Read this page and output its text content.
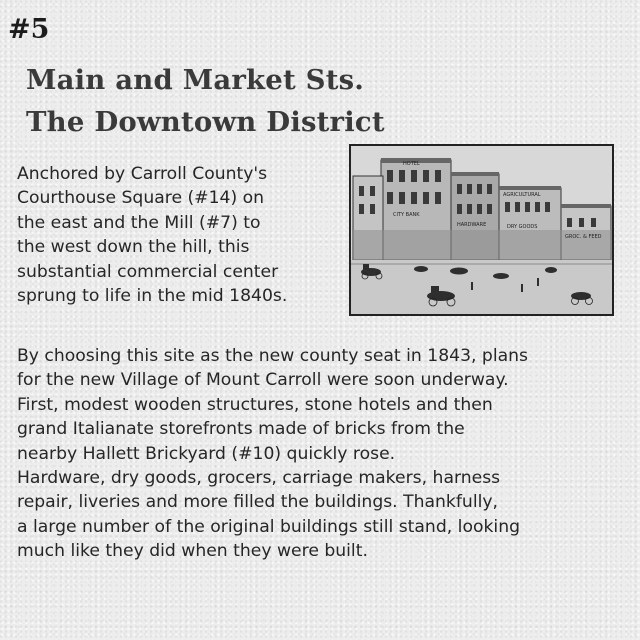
#5
Main and Market Sts.
The Downtown District
HOTEL
CITY BANK
HARDWARE
AGRICULTURAL
DRY GOODS
GROC. & FEED

Anchored by Carroll County's
Courthouse Square (#14) on
the east and the Mill (#7) to
the west down the hill, this
substantial commercial center
sprung to life in the mid 1840s.

By choosing this site as the new county seat in 1843, plans
for the new Village of Mount Carroll were soon underway.
First, modest wooden structures, stone hotels and then
grand Italianate storefronts made of bricks from the
nearby Hallett Brickyard (#10) quickly rose.
Hardware, dry goods, grocers, carriage makers, harness
repair, liveries and more filled the buildings. Thankfully,
a large number of the original buildings still stand, looking
much like they did when they were built.
